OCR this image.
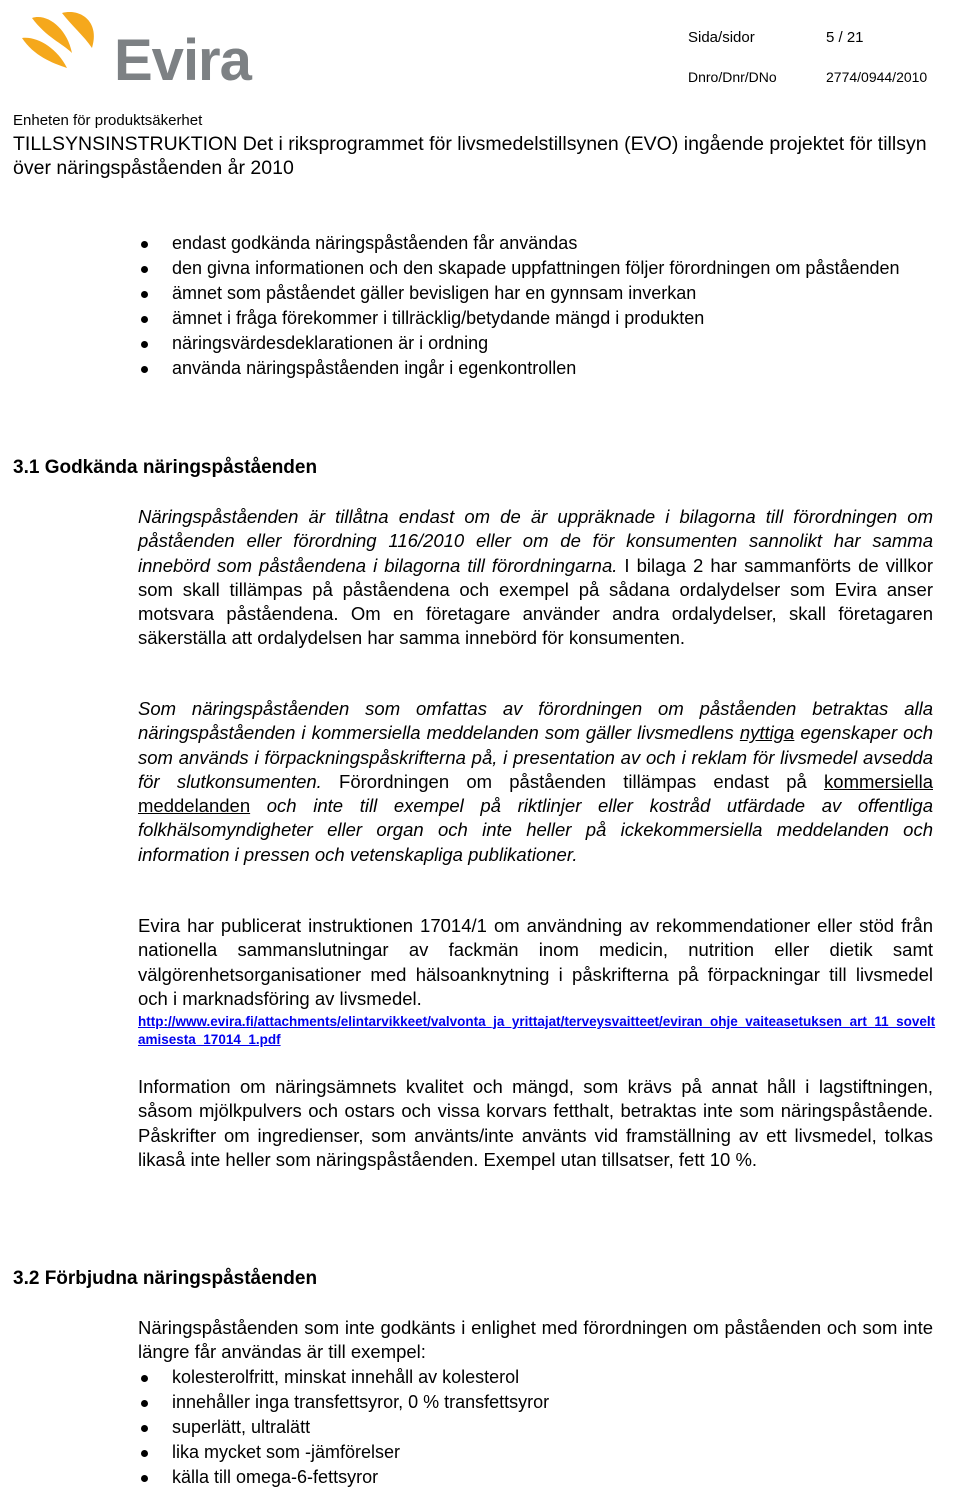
Evira	Sida/sidor	5 / 21
Dnro/Dnr/DNo	2774/0944/2010
Enheten för produktsäkerhet
TILLSYNSINSTRUKTION Det i riksprogrammet för livsmedelstillsynen (EVO) ingående projektet för tillsyn över näringspåståenden år 2010
endast godkända näringspåståenden får användas
den givna informationen och den skapade uppfattningen följer förordningen om påståenden
ämnet som påståendet gäller bevisligen har en gynnsam inverkan
ämnet i fråga förekommer i tillräcklig/betydande mängd i produkten
näringsvärdesdeklarationen är i ordning
använda näringspåståenden ingår i egenkontrollen
3.1 Godkända näringspåståenden

Näringspåståenden är tillåtna endast om de är uppräknade i bilagorna till förordningen om påståenden eller förordning 116/2010 eller om de för konsumenten sannolikt har samma innebörd som påståendena i bilagorna till förordningarna. I bilaga 2 har sammanförts de villkor som skall tillämpas på påståendena och exempel på sådana ordalydelser som Evira anser motsvara påståendena. Om en företagare använder andra ordalydelser, skall företagaren säkerställa att ordalydelsen har samma innebörd för konsumenten.

Som näringspåståenden som omfattas av förordningen om påståenden betraktas alla näringspåståenden i kommersiella meddelanden som gäller livsmedlens nyttiga egenskaper och som används i förpackningspåskrifterna på, i presentation av och i reklam för livsmedel avsedda för slutkonsumenten. Förordningen om påståenden tillämpas endast på kommersiella meddelanden och inte till exempel på riktlinjer eller kostråd utfärdade av offentliga folkhälsomyndigheter eller organ och inte heller på ickekommersiella meddelanden och information i pressen och vetenskapliga publikationer.

Evira har publicerat instruktionen 17014/1 om användning av rekommendationer eller stöd från nationella sammanslutningar av fackmän inom medicin, nutrition eller dietik samt välgörenhetsorganisationer med hälsoanknytning i påskrifterna på förpackningar till livsmedel och i marknadsföring av livsmedel.

http://www.evira.fi/attachments/elintarvikkeet/valvonta_ja_yrittajat/terveysvaitteet/eviran_ohje_vaiteasetuksen_art_11_soveltamisesta_17014_1.pdf

Information om näringsämnets kvalitet och mängd, som krävs på annat håll i lagstiftningen, såsom mjölkpulvers och ostars och vissa korvars fetthalt, betraktas inte som näringspåstående. Påskrifter om ingredienser, som använts/inte använts vid framställning av ett livsmedel, tolkas likaså inte heller som näringspåståenden. Exempel utan tillsatser, fett 10 %.

3.2 Förbjudna näringspåståenden

Näringspåståenden som inte godkänts i enlighet med förordningen om påståenden och som inte längre får användas är till exempel:

kolesterolfritt, minskat innehåll av kolesterol
innehåller inga transfettsyror, 0 % transfettsyror
superlätt, ultralätt
lika mycket som -jämförelser
källa till omega-6-fettsyror
